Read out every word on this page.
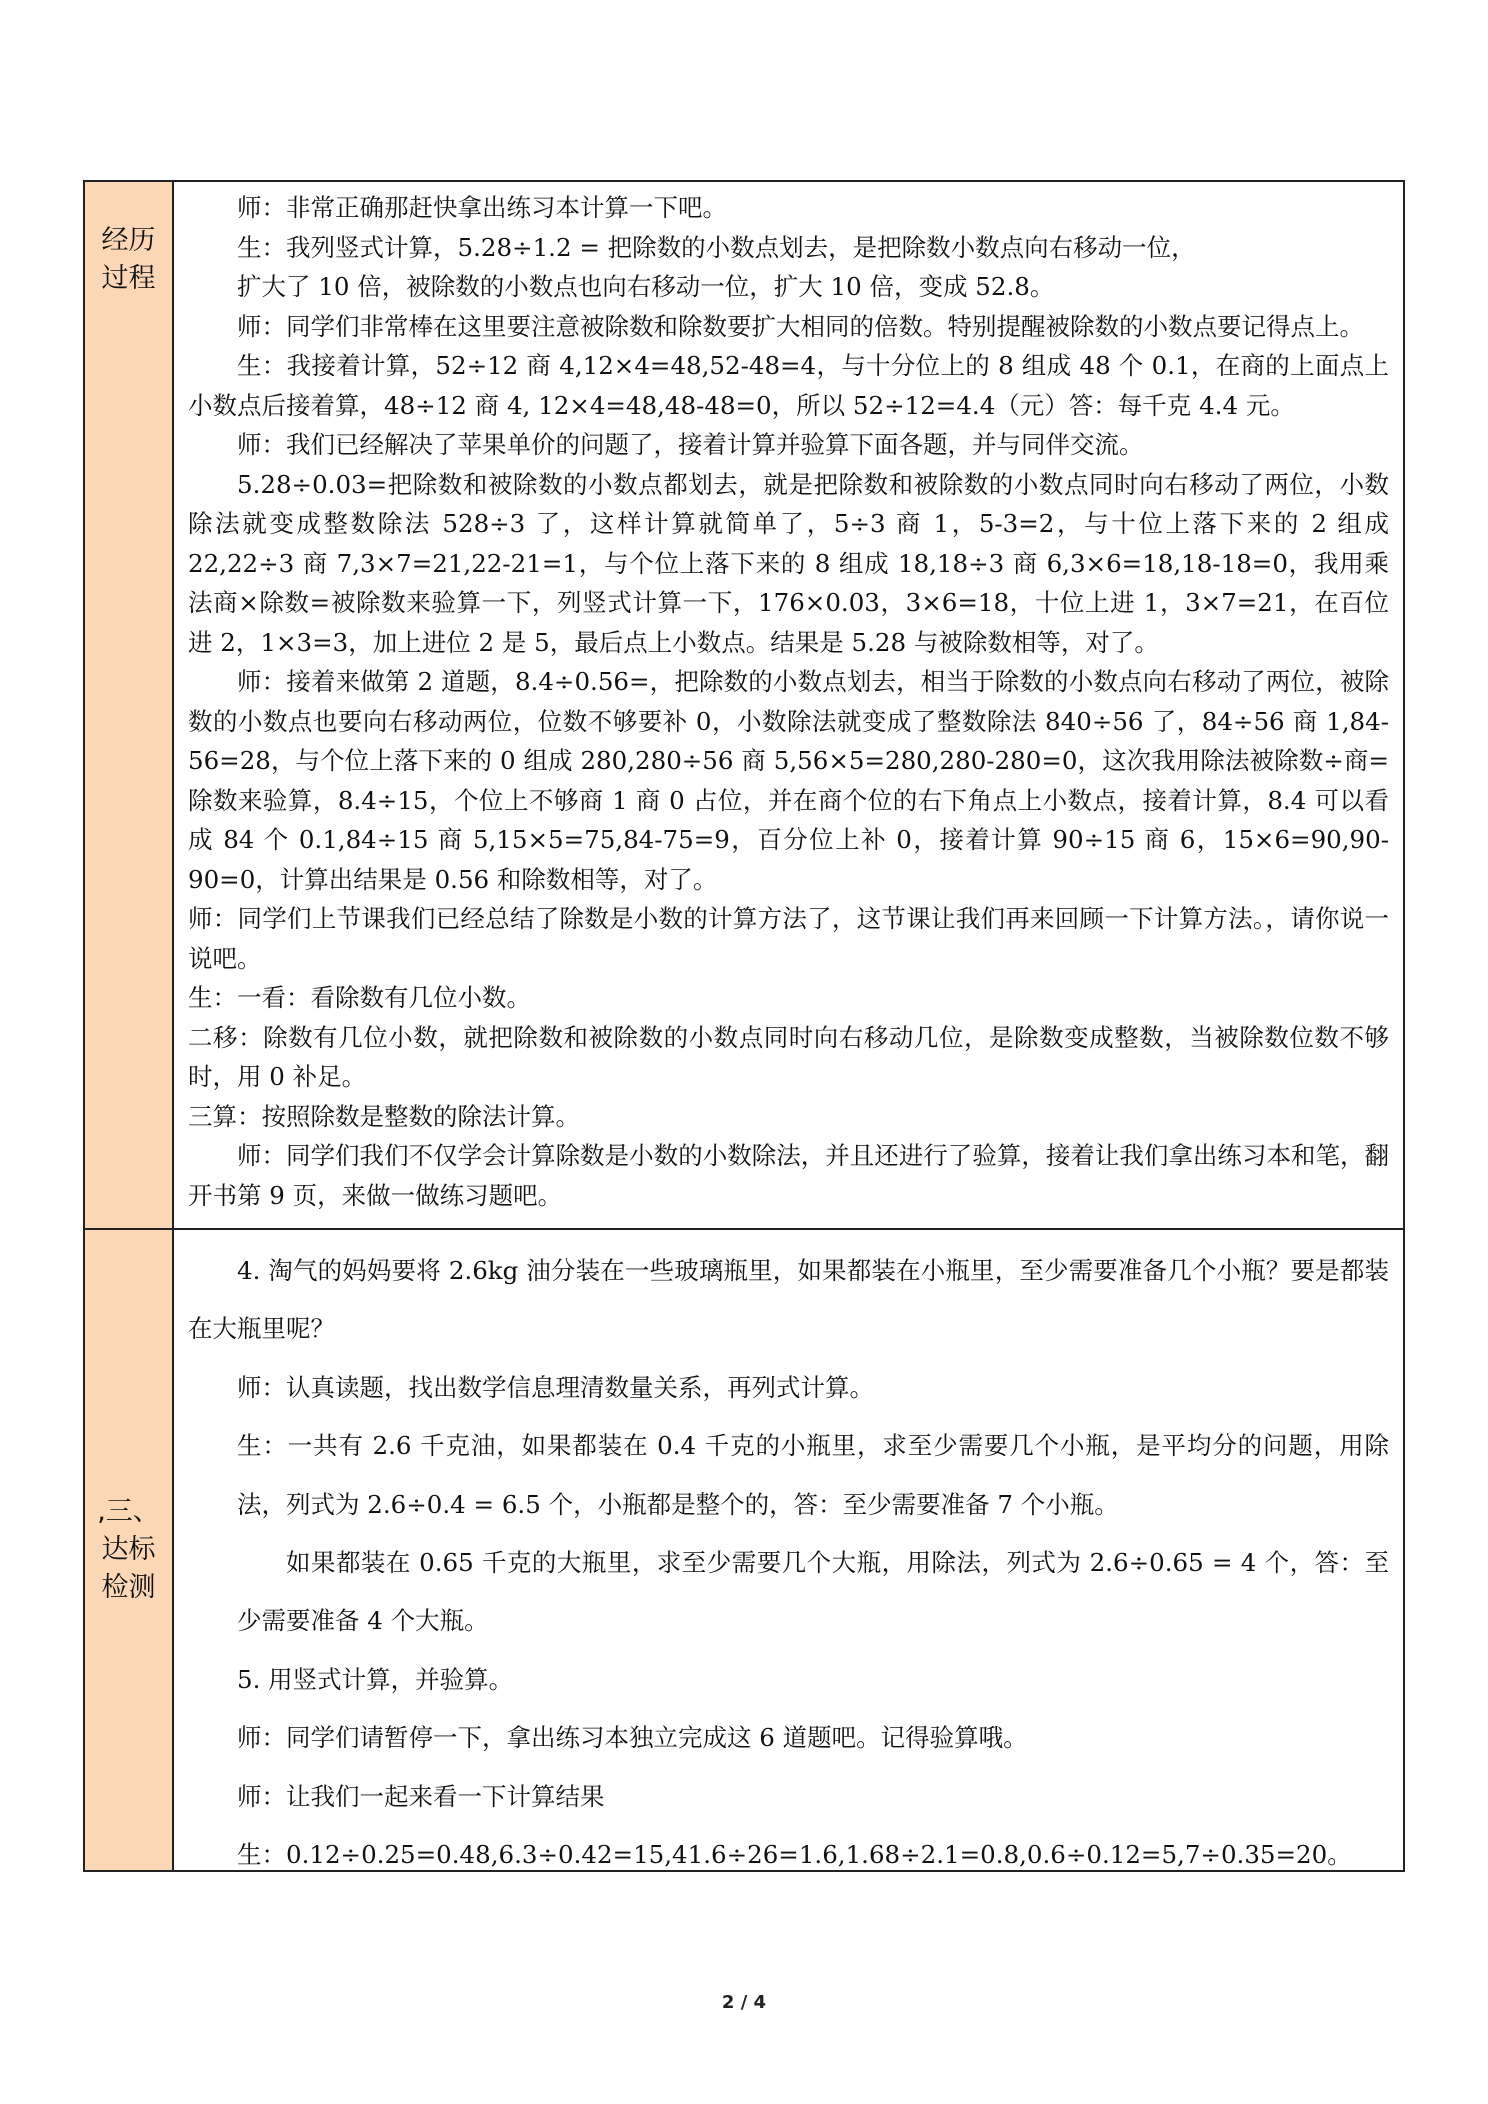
经历过程

师：非常正确那赶快拿出练习本计算一下吧。

生：我列竖式计算，5.28÷1.2 = 把除数的小数点划去，是把除数小数点向右移动一位，

扩大了 10 倍，被除数的小数点也向右移动一位，扩大 10 倍，变成 52.8。

师：同学们非常棒在这里要注意被除数和除数要扩大相同的倍数。特别提醒被除数的小数点要记得点上。

生：我接着计算，52÷12 商 4,12×4=48,52-48=4，与十分位上的 8 组成 48 个 0.1，在商的上面点上小数点后接着算，48÷12 商 4, 12×4=48,48-48=0，所以 52÷12=4.4（元）答：每千克 4.4 元。

师：我们已经解决了苹果单价的问题了，接着计算并验算下面各题，并与同伴交流。

5.28÷0.03=把除数和被除数的小数点都划去，就是把除数和被除数的小数点同时向右移动了两位，小数除法就变成整数除法 528÷3 了，这样计算就简单了，5÷3 商 1，5-3=2，与十位上落下来的 2 组成 22,22÷3 商 7,3×7=21,22-21=1，与个位上落下来的 8 组成 18,18÷3 商 6,3×6=18,18-18=0，我用乘法商×除数=被除数来验算一下，列竖式计算一下，176×0.03，3×6=18，十位上进 1，3×7=21，在百位进 2，1×3=3，加上进位 2 是 5，最后点上小数点。结果是 5.28 与被除数相等，对了。

师：接着来做第 2 道题，8.4÷0.56=，把除数的小数点划去，相当于除数的小数点向右移动了两位，被除数的小数点也要向右移动两位，位数不够要补 0，小数除法就变成了整数除法 840÷56 了，84÷56 商 1,84-56=28，与个位上落下来的 0 组成 280,280÷56 商 5,56×5=280,280-280=0，这次我用除法被除数÷商=除数来验算，8.4÷15，个位上不够商 1 商 0 占位，并在商个位的右下角点上小数点，接着计算，8.4 可以看成 84 个 0.1,84÷15 商 5,15×5=75,84-75=9，百分位上补 0，接着计算 90÷15 商 6，15×6=90,90-90=0，计算出结果是 0.56 和除数相等，对了。

师：同学们上节课我们已经总结了除数是小数的计算方法了，这节课让我们再来回顾一下计算方法。，请你说一说吧。

生：一看：看除数有几位小数。

二移：除数有几位小数，就把除数和被除数的小数点同时向右移动几位，是除数变成整数，当被除数位数不够时，用 0 补足。

三算：按照除数是整数的除法计算。

师：同学们我们不仅学会计算除数是小数的小数除法，并且还进行了验算，接着让我们拿出练习本和笔，翻开书第 9 页，来做一做练习题吧。

,三、达标检测

4. 淘气的妈妈要将 2.6kg 油分装在一些玻璃瓶里，如果都装在小瓶里，至少需要准备几个小瓶？要是都装在大瓶里呢？

师：认真读题，找出数学信息理清数量关系，再列式计算。

生：一共有 2.6 千克油，如果都装在 0.4 千克的小瓶里，求至少需要几个小瓶，是平均分的问题，用除法，列式为 2.6÷0.4 = 6.5 个，小瓶都是整个的，答：至少需要准备 7 个小瓶。

如果都装在 0.65 千克的大瓶里，求至少需要几个大瓶，用除法，列式为 2.6÷0.65 = 4 个，答：至少需要准备 4 个大瓶。

5. 用竖式计算，并验算。

师：同学们请暂停一下，拿出练习本独立完成这 6 道题吧。记得验算哦。

师：让我们一起来看一下计算结果

生：0.12÷0.25=0.48,6.3÷0.42=15,41.6÷26=1.6,1.68÷2.1=0.8,0.6÷0.12=5,7÷0.35=20。

2 / 4
